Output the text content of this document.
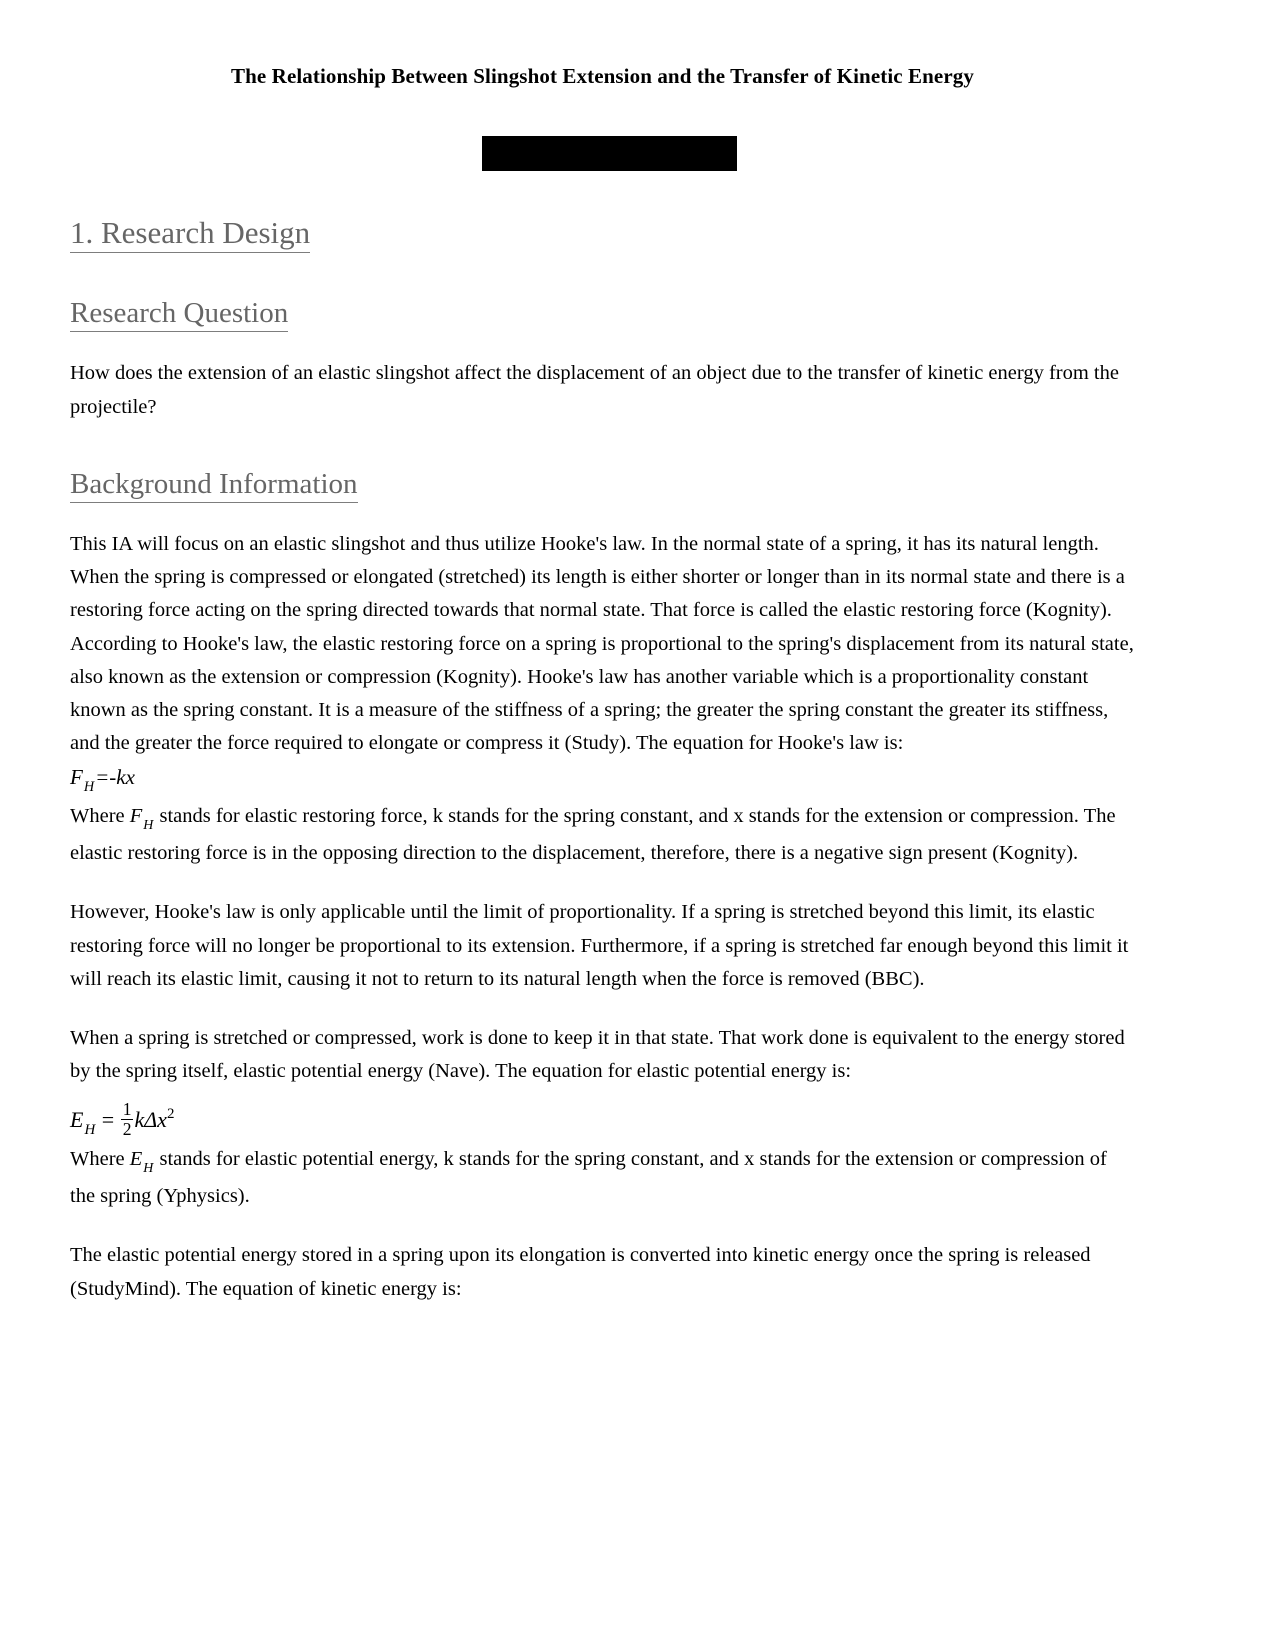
The Relationship Between Slingshot Extension and the Transfer of Kinetic Energy
1. Research Design
Research Question

How does the extension of an elastic slingshot affect the displacement of an object due to the transfer of kinetic energy from the projectile?

Background Information

This IA will focus on an elastic slingshot and thus utilize Hooke's law. In the normal state of a spring, it has its natural length. When the spring is compressed or elongated (stretched) its length is either shorter or longer than in its normal state and there is a restoring force acting on the spring directed towards that normal state. That force is called the elastic restoring force (Kognity). According to Hooke's law, the elastic restoring force on a spring is proportional to the spring's displacement from its natural state, also known as the extension or compression (Kognity). Hooke's law has another variable which is a proportionality constant known as the spring constant. It is a measure of the stiffness of a spring; the greater the spring constant the greater its stiffness, and the greater the force required to elongate or compress it (Study). The equation for Hooke's law is:

$F_H=-kx$

Where $F_H$ stands for elastic restoring force, k stands for the spring constant, and x stands for the extension or compression. The elastic restoring force is in the opposing direction to the displacement, therefore, there is a negative sign present (Kognity).

However, Hooke's law is only applicable until the limit of proportionality. If a spring is stretched beyond this limit, its elastic restoring force will no longer be proportional to its extension. Furthermore, if a spring is stretched far enough beyond this limit it will reach its elastic limit, causing it not to return to its natural length when the force is removed (BBC).

When a spring is stretched or compressed, work is done to keep it in that state. That work done is equivalent to the energy stored by the spring itself, elastic potential energy (Nave). The equation for elastic potential energy is:

$E_H = \frac{1}{2} k\Delta x^2$

Where $E_H$ stands for elastic potential energy, k stands for the spring constant, and x stands for the extension or compression of the spring (Yphysics).

The elastic potential energy stored in a spring upon its elongation is converted into kinetic energy once the spring is released (StudyMind). The equation of kinetic energy is:
